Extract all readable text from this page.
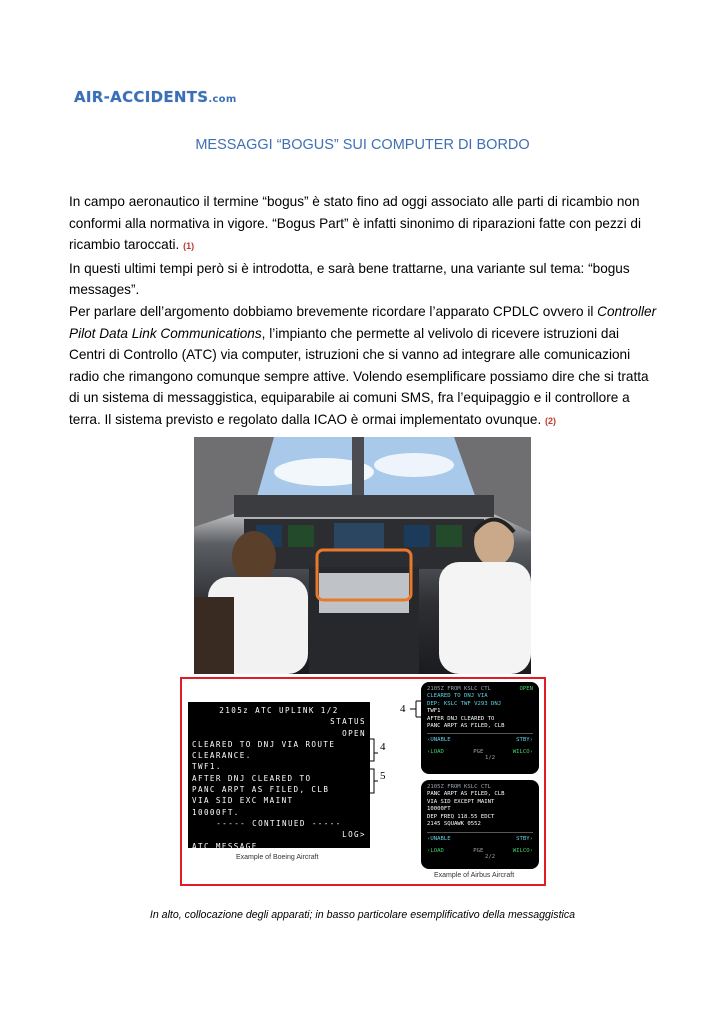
AIR-ACCIDENTS.com
MESSAGGI “BOGUS” SUI COMPUTER DI BORDO

In campo aeronautico il termine “bogus” è stato fino ad oggi associato alle parti di ricambio non conformi alla normativa in vigore. “Bogus Part” è infatti sinonimo di riparazioni fatte con pezzi di ricambio taroccati. (1)

In questi ultimi tempi però si è introdotta, e sarà bene trattarne, una variante sul tema: “bogus messages”.

Per parlare dell’argomento dobbiamo brevemente ricordare l’apparato CPDLC ovvero il Controller Pilot Data Link Communications, l’impianto che permette al velivolo di ricevere istruzioni dai Centri di Controllo (ATC) via computer, istruzioni che si vanno ad integrare alle comunicazioni radio che rimangono comunque sempre attive. Volendo esemplificare possiamo dire che si tratta di un sistema di messaggistica, equiparabile ai comuni SMS, fra l’equipaggio e il controllore a terra. Il sistema previsto e regolato dalla ICAO è ormai implementato ovunque. (2)

2105z ATC UPLINK 1/2
STATUS
OPEN
CLEARED TO DNJ VIA ROUTE
CLEARANCE.
TWF1.
AFTER DNJ CLEARED TO
PANC ARPT AS FILED, CLB
VIA SID EXC MAINT
10000FT.
----- CONTINUED -----
LOG>
ATC MESSAGE
Example of Boeing Aircraft
4
5
4
2105Z FROM KSLC CTL	OPEN
CLEARED TO DNJ VIA
DEP: KSLC TWF V293 DNJ
TWF1
AFTER DNJ CLEARED TO
PANC ARPT AS FILED, CLB
‹UNABLE	STBY›
‹LOAD	PGE	WILCO›
1/2
2105Z FROM KSLC CTL
PANC ARPT AS FILED, CLB
VIA SID EXCEPT MAINT
10000FT
DEP FREQ 118.55 EDCT
2145 SQUAWK 0552
‹UNABLE	STBY›
‹LOAD	PGE	WILCO›
2/2
Example of Airbus Aircraft
In alto, collocazione degli apparati; in basso particolare esemplificativo della messaggistica
